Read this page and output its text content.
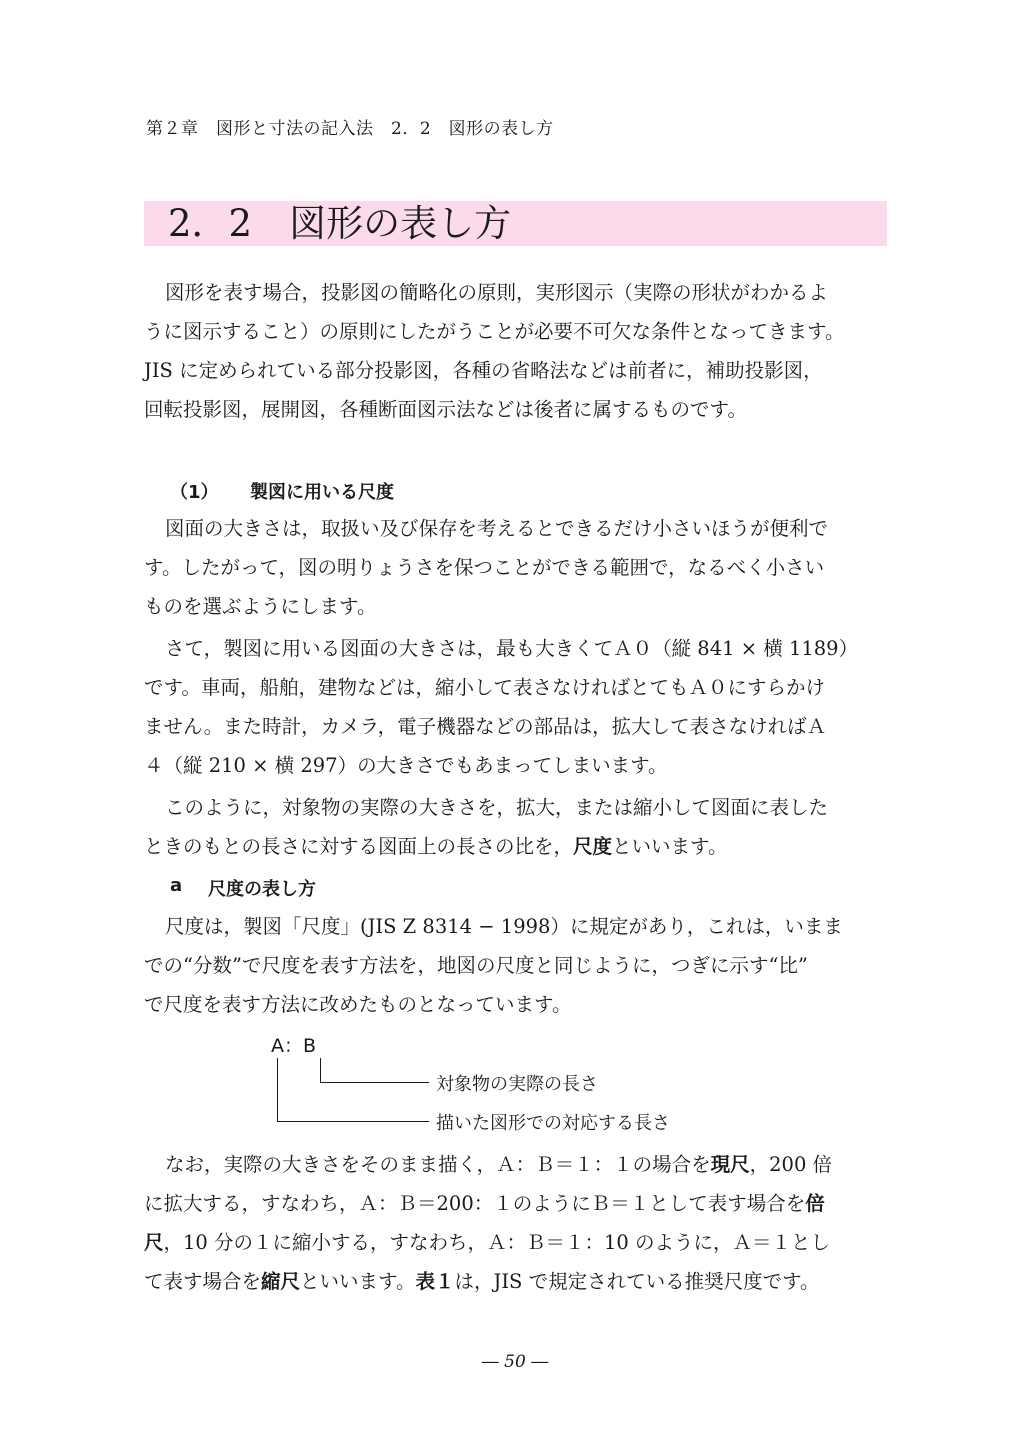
第２章　図形と寸法の記入法　2．2　図形の表し方
2．2　図形の表し方
図形を表す場合，投影図の簡略化の原則，実形図示（実際の形状がわかるよ
うに図示すること）の原則にしたがうことが必要不可欠な条件となってきます。
JIS に定められている部分投影図，各種の省略法などは前者に，補助投影図，
回転投影図，展開図，各種断面図示法などは後者に属するものです。
（1） 製図に用いる尺度
図面の大きさは，取扱い及び保存を考えるとできるだけ小さいほうが便利で
す。したがって，図の明りょうさを保つことができる範囲で，なるべく小さい
ものを選ぶようにします。
さて，製図に用いる図面の大きさは，最も大きくてＡ０（縦 841 × 横 1189）
です。車両，船舶，建物などは，縮小して表さなければとてもＡ０にすらかけ
ません。また時計，カメラ，電子機器などの部品は，拡大して表さなければＡ
４（縦 210 × 横 297）の大きさでもあまってしまいます。
このように，対象物の実際の大きさを，拡大，または縮小して図面に表した
ときのもとの長さに対する図面上の長さの比を，尺度といいます。
a 尺度の表し方
尺度は，製図「尺度」(JIS Z 8314 − 1998）に規定があり，これは，いまま
での“分数”で尺度を表す方法を，地図の尺度と同じように，つぎに示す“比”
で尺度を表す方法に改めたものとなっています。
A：B
対象物の実際の長さ
描いた図形での対応する長さ
なお，実際の大きさをそのまま描く，Ａ：Ｂ＝１：１の場合を現尺，200 倍
に拡大する，すなわち，Ａ：Ｂ＝200：１のようにＢ＝１として表す場合を倍
尺，10 分の１に縮小する，すなわち，Ａ：Ｂ＝１：10 のように，Ａ＝１とし
て表す場合を縮尺といいます。表１は，JIS で規定されている推奨尺度です。
― 50 ―
